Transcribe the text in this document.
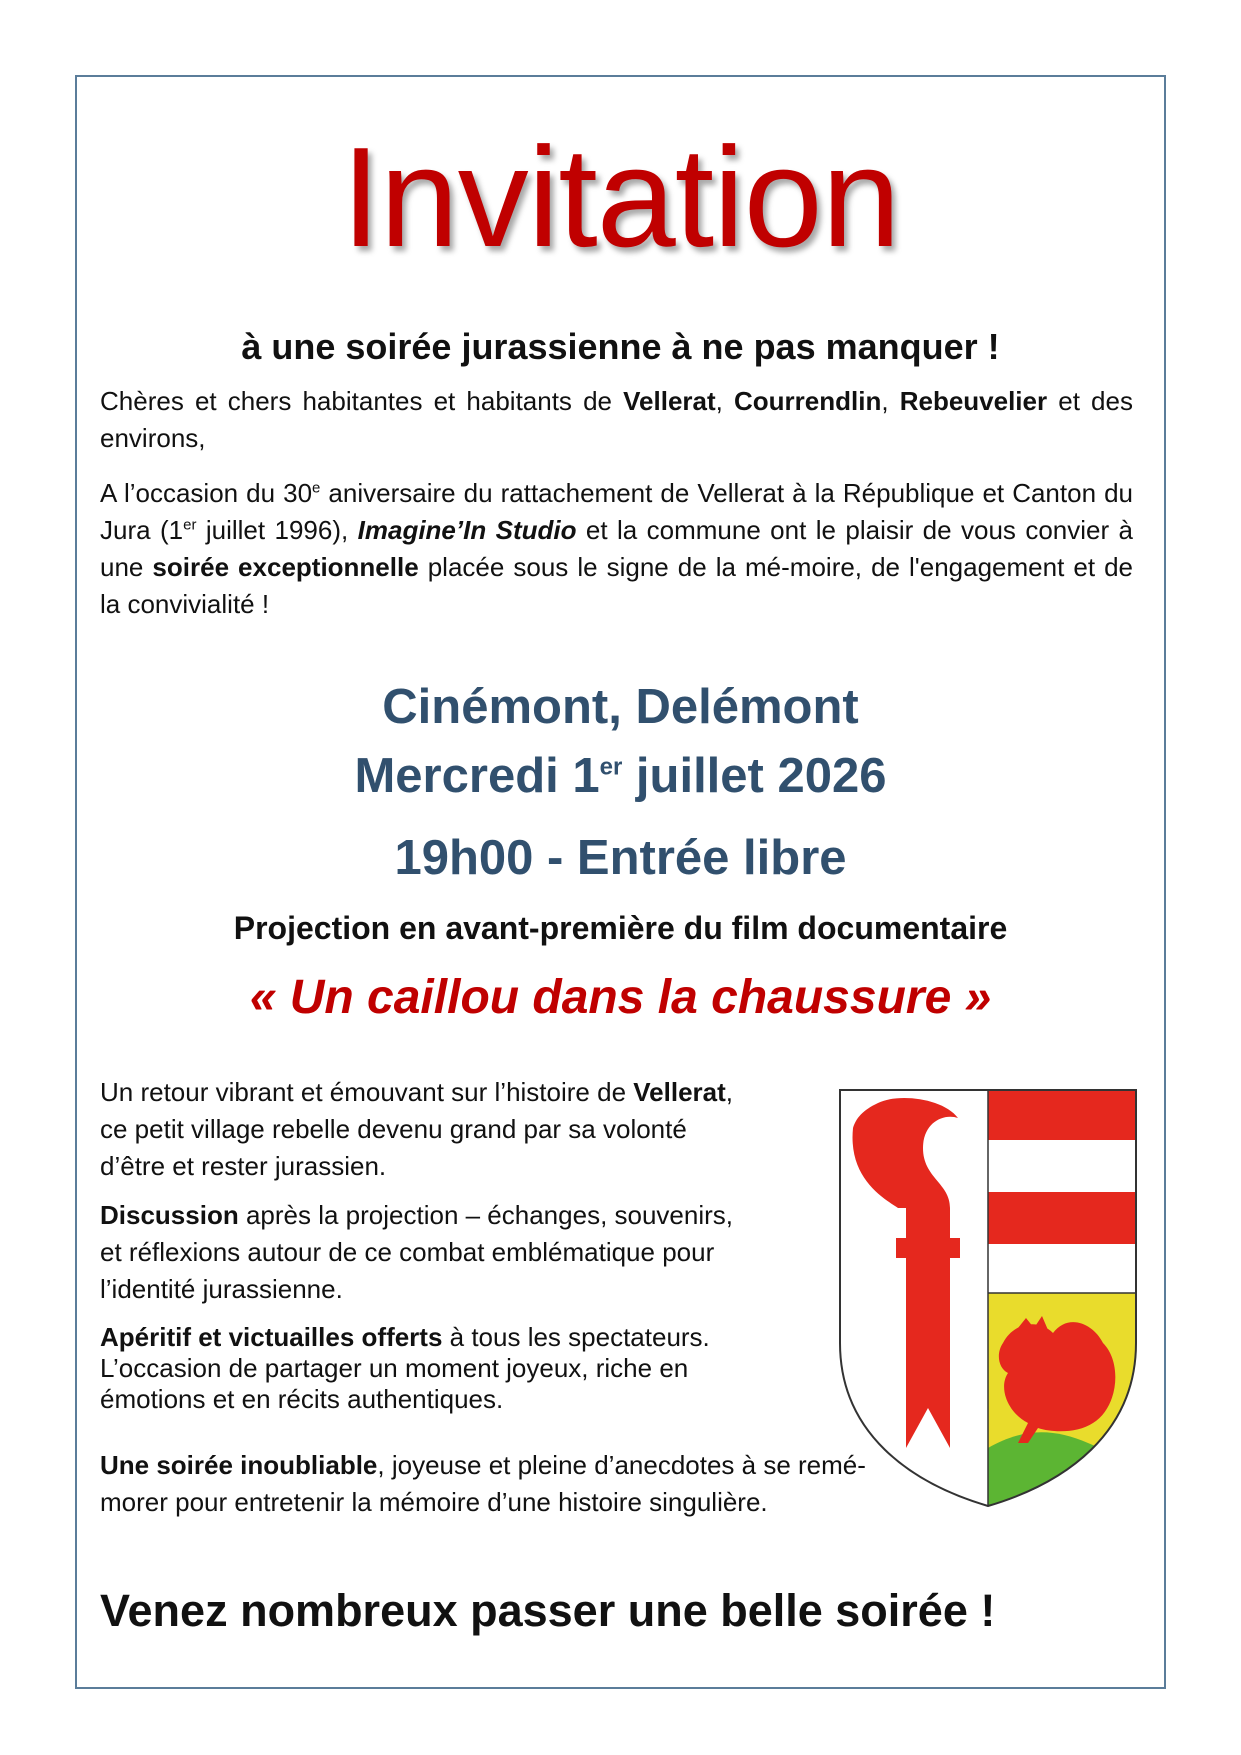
Invitation
à une soirée jurassienne à ne pas manquer !
Chères et chers habitantes et habitants de Vellerat, Courrendlin, Rebeuvelier et des environs,
A l’occasion du 30e aniversaire du rattachement de Vellerat à la République et Canton du Jura (1er juillet 1996), Imagine’In Studio et la commune ont le plaisir de vous convier à une soirée exceptionnelle placée sous le signe de la mé-moire, de l'engagement et de la convivialité !
Cinémont, Delémont
Mercredi 1er juillet 2026
19h00 - Entrée libre
Projection en avant-première du film documentaire
« Un caillou dans la chaussure »
Un retour vibrant et émouvant sur l’histoire de Vellerat,
ce petit village rebelle devenu grand par sa volonté
d’être et rester jurassien.
Discussion après la projection – échanges, souvenirs,
et réflexions autour de ce combat emblématique pour
l’identité jurassienne.
Apéritif et victuailles offerts à tous les spectateurs.
L’occasion de partager un moment joyeux, riche en
émotions et en récits authentiques.
Une soirée inoubliable, joyeuse et pleine d’anecdotes à se remé-
morer pour entretenir la mémoire d’une histoire singulière.
Venez nombreux passer une belle soirée !
